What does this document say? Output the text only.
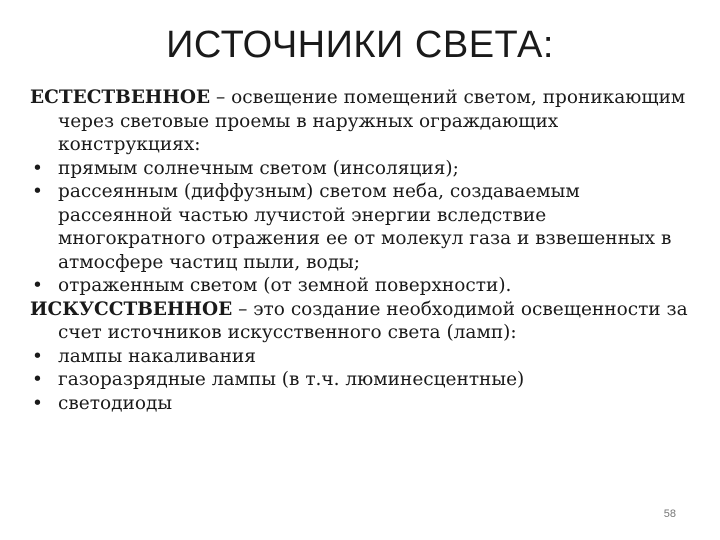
ИСТОЧНИКИ СВЕТА:

ЕСТЕСТВЕННОЕ – освещение помещений светом, проникающим через световые проемы в наружных ограждающих конструкциях:

• прямым солнечным светом (инсоляция);

• рассеянным (диффузным) светом неба, создаваемым рассеянной частью лучистой энергии вследствие многократного отражения ее от молекул газа и взвешенных в атмосфере частиц пыли, воды;

• отраженным светом (от земной поверхности).

ИСКУССТВЕННОЕ – это создание необходимой освещенности за счет источников искусственного света (ламп):

• лампы накаливания

• газоразрядные лампы (в т.ч. люминесцентные)

• светодиоды

58
